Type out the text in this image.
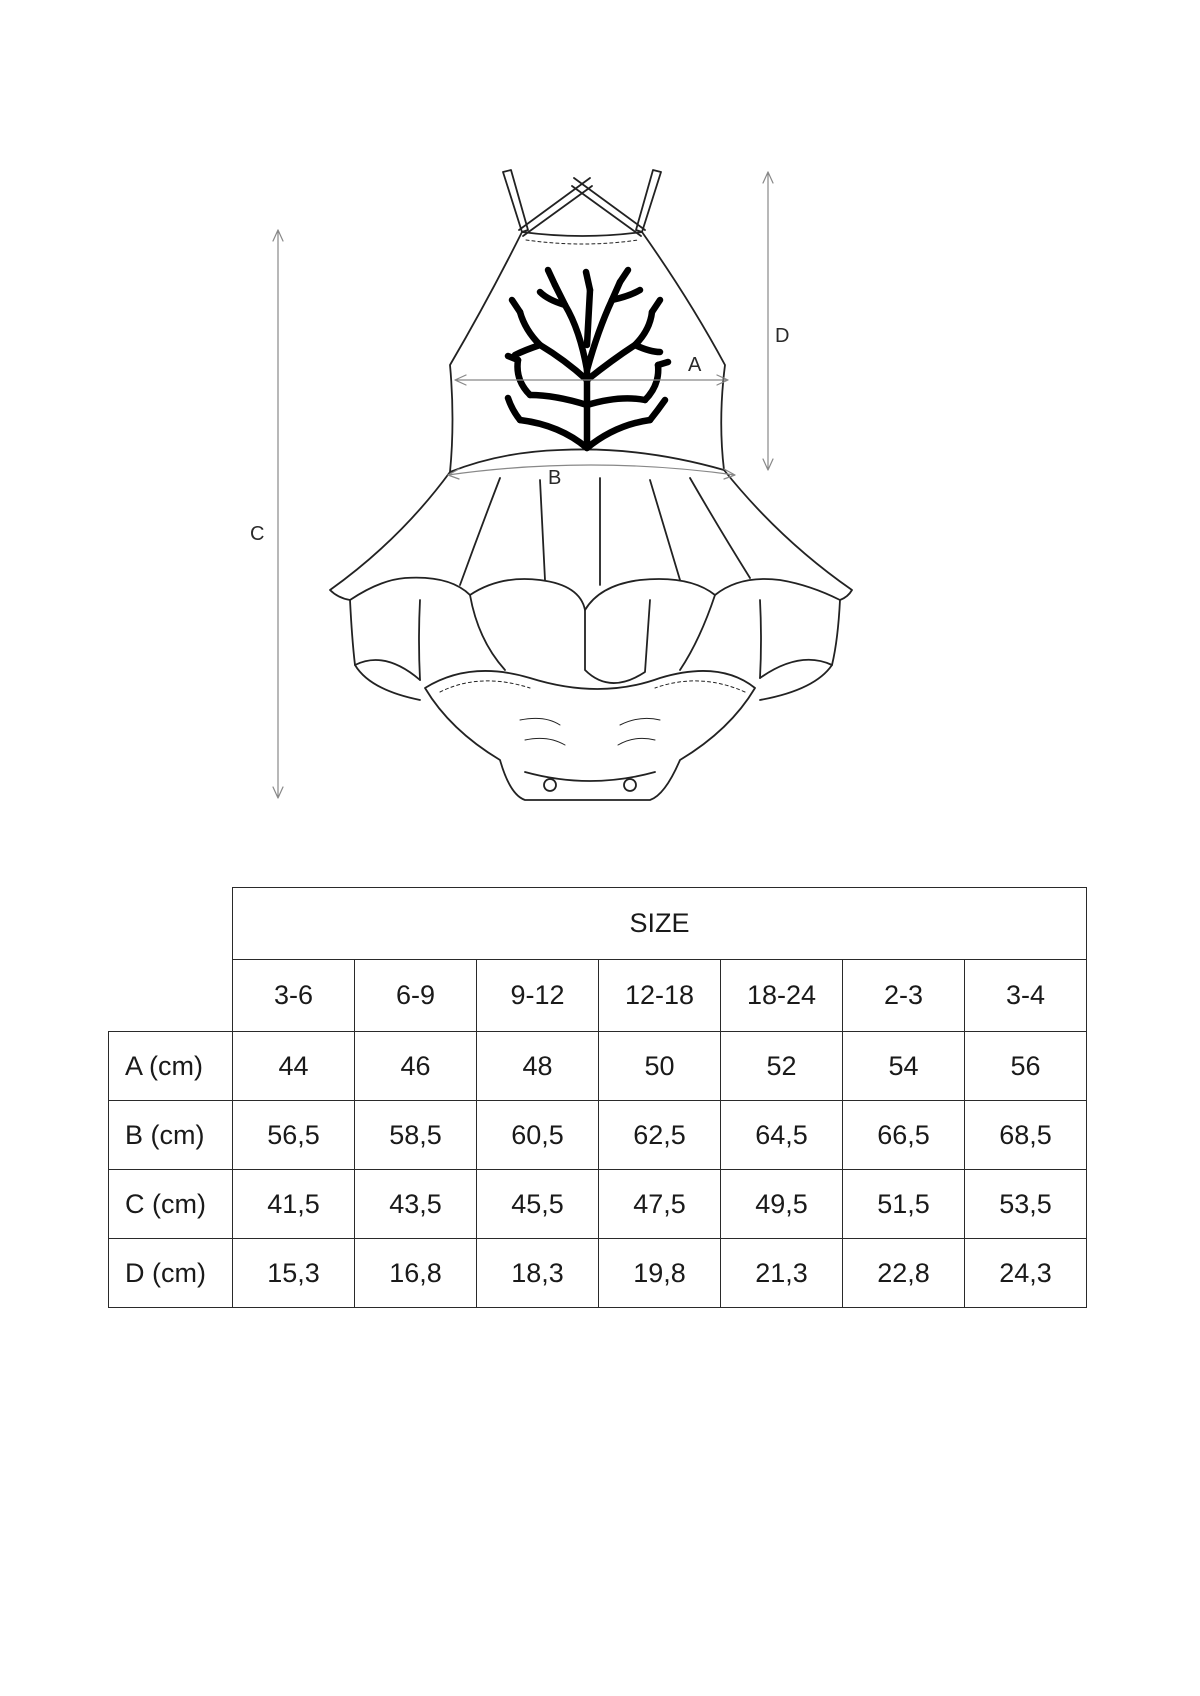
A
B
C
D
	SIZE						
	3-6	6-9	9-12	12-18	18-24	2-3	3-4
A (cm)	44	46	48	50	52	54	56
B (cm)	56,5	58,5	60,5	62,5	64,5	66,5	68,5
C (cm)	41,5	43,5	45,5	47,5	49,5	51,5	53,5
D (cm)	15,3	16,8	18,3	19,8	21,3	22,8	24,3
